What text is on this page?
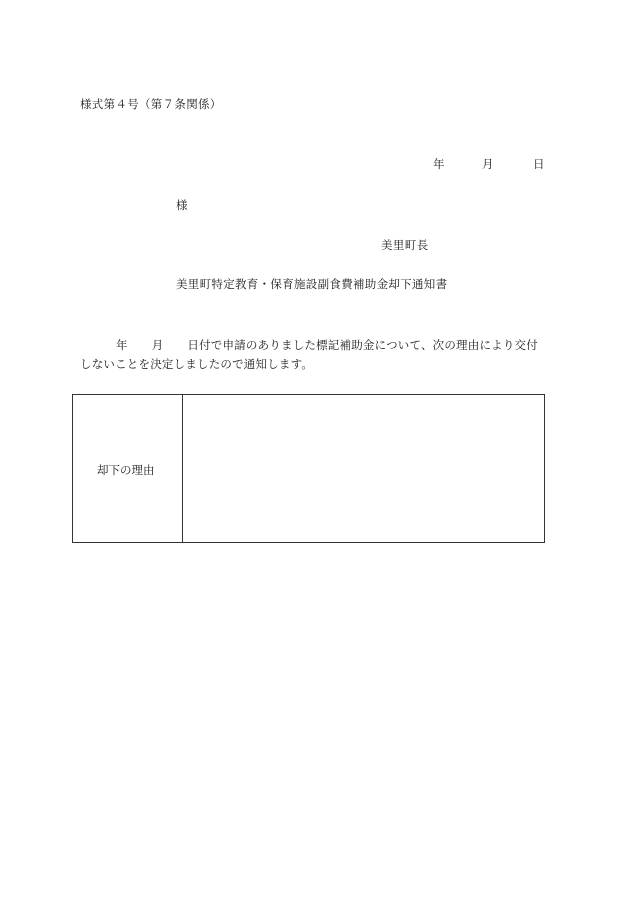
様式第４号（第７条関係）
年	月	日
様
美里町長
美里町特定教育・保育施設副食費補助金却下通知書
年 月 日付で申請のありました標記補助金について、次の理由により交付
しないことを決定しましたので通知します。
却下の理由
